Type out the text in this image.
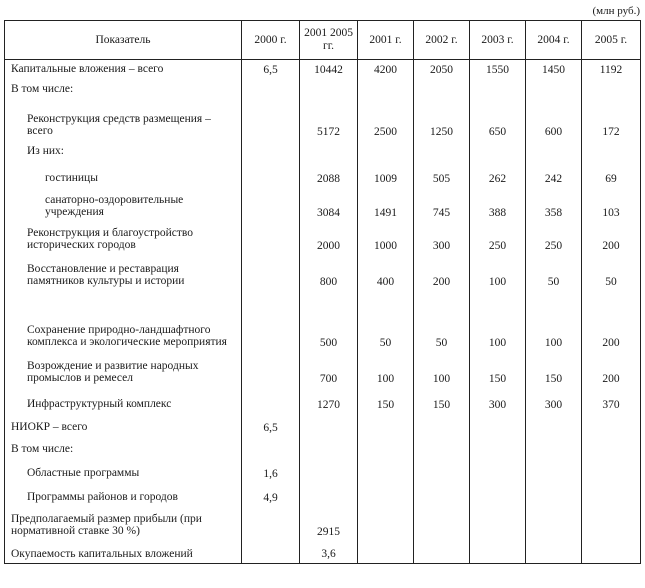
(млн руб.)
Показатель	2000 г.	2001 2005 гг.	2001 г.	2002 г.	2003 г.	2004 г.	2005 г.
Капитальные вложения – всего	6,5	10442	4200	2050	1550	1450	1192
В том числе:							
Реконструкция средств размещения – всего		5172	2500	1250	650	600	172
Из них:							
гостиницы		2088	1009	505	262	242	69
санаторно-оздоровительные учреждения		3084	1491	745	388	358	103
Реконструкция и благоустройство исторических городов		2000	1000	300	250	250	200
Восстановление и реставрация памятников культуры и истории		800	400	200	100	50	50
Сохранение природно-ландшафтного комплекса и экологические мероприятия		500	50	50	100	100	200
Возрождение и развитие народных промыслов и ремесел		700	100	100	150	150	200
Инфраструктурный комплекс		1270	150	150	300	300	370
НИОКР – всего	6,5						
В том числе:							
Областные программы	1,6						
Программы районов и городов	4,9						
Предполагаемый размер прибыли (при нормативной ставке 30 %)		2915					
Окупаемость капитальных вложений		3,6					
